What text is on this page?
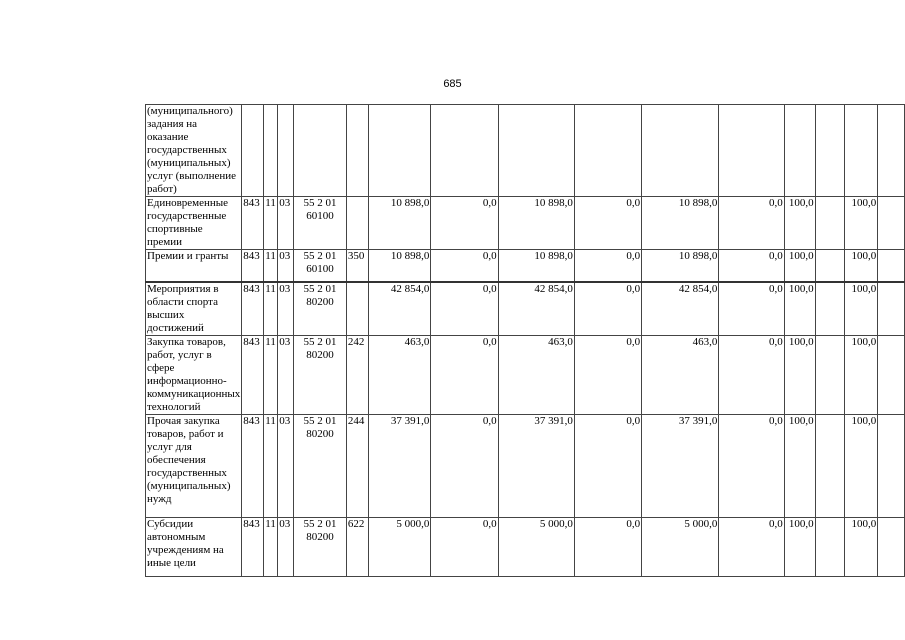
685
(муниципального) задания на оказание государственных (муниципальных) услуг (выполнение работ)															
Единовременные государственные спортивные премии	843	11	03	55 2 01 60100		10 898,0	0,0	10 898,0	0,0	10 898,0	0,0	100,0		100,0	
Премии и гранты	843	11	03	55 2 01 60100	350	10 898,0	0,0	10 898,0	0,0	10 898,0	0,0	100,0		100,0	
Мероприятия в области спорта высших достижений	843	11	03	55 2 01 80200		42 854,0	0,0	42 854,0	0,0	42 854,0	0,0	100,0		100,0	
Закупка товаров, работ, услуг в сфере информационно-коммуникационных технологий	843	11	03	55 2 01 80200	242	463,0	0,0	463,0	0,0	463,0	0,0	100,0		100,0	
Прочая закупка товаров, работ и услуг для обеспечения государственных (муниципальных) нужд	843	11	03	55 2 01 80200	244	37 391,0	0,0	37 391,0	0,0	37 391,0	0,0	100,0		100,0	
Субсидии автономным учреждениям на иные цели	843	11	03	55 2 01 80200	622	5 000,0	0,0	5 000,0	0,0	5 000,0	0,0	100,0		100,0	
